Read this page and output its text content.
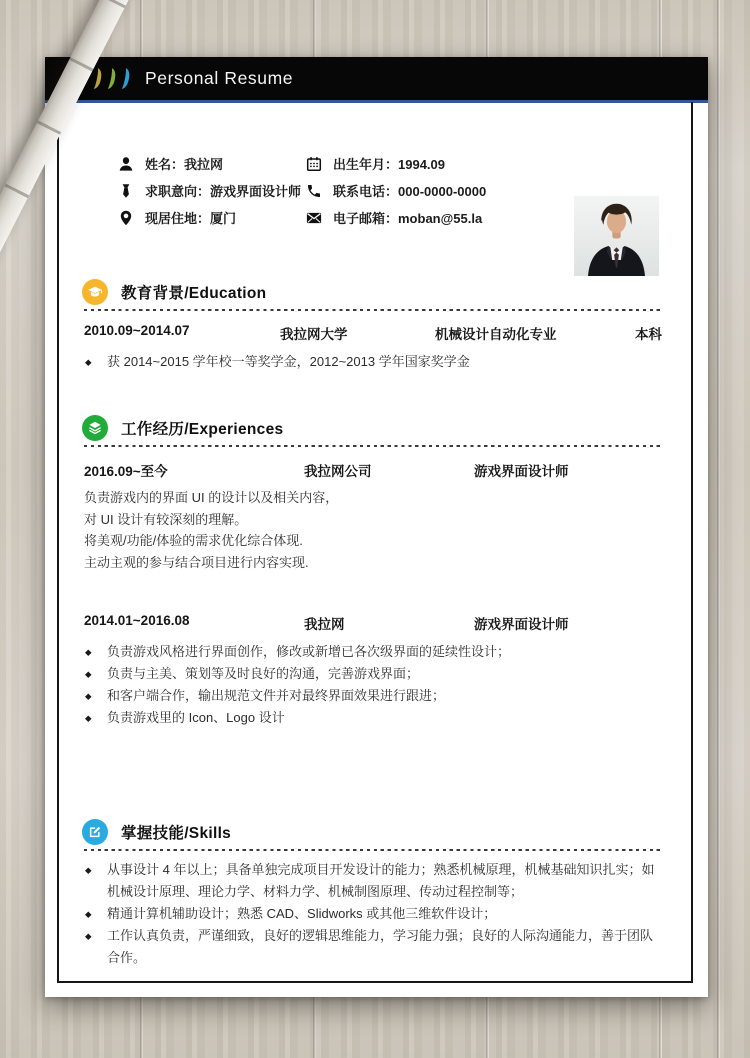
Personal Resume
姓名：我拉网
求职意向：游戏界面设计师
现居住地：厦门
出生年月：1994.09
联系电话：000-0000-0000
电子邮箱：moban@55.la
教育背景/Education
2010.09~2014.07	我拉网大学	机械设计自动化专业	本科
◆ 获 2014~2015 学年校一等奖学金，2012~2013 学年国家奖学金
工作经历/Experiences
2016.09~至今	我拉网公司	游戏界面设计师
负责游戏内的界面 UI 的设计以及相关内容，
对 UI 设计有较深刻的理解。
将美观/功能/体验的需求优化综合体现.
主动主观的参与结合项目进行内容实现.
2014.01~2016.08	我拉网	游戏界面设计师
◆ 负责游戏风格进行界面创作，修改或新增已各次级界面的延续性设计；
◆ 负责与主美、策划等及时良好的沟通，完善游戏界面；
◆ 和客户端合作，输出规范文件并对最终界面效果进行跟进；
◆ 负责游戏里的 Icon、Logo 设计
掌握技能/Skills
◆ 从事设计 4 年以上；具备单独完成项目开发设计的能力；熟悉机械原理，机械基础知识扎实；如机械设计原理、理论力学、材料力学、机械制图原理、传动过程控制等；
◆ 精通计算机辅助设计；熟悉 CAD、Slidworks 或其他三维软件设计；
◆ 工作认真负责，严谨细致，良好的逻辑思维能力，学习能力强；良好的人际沟通能力，善于团队合作。
